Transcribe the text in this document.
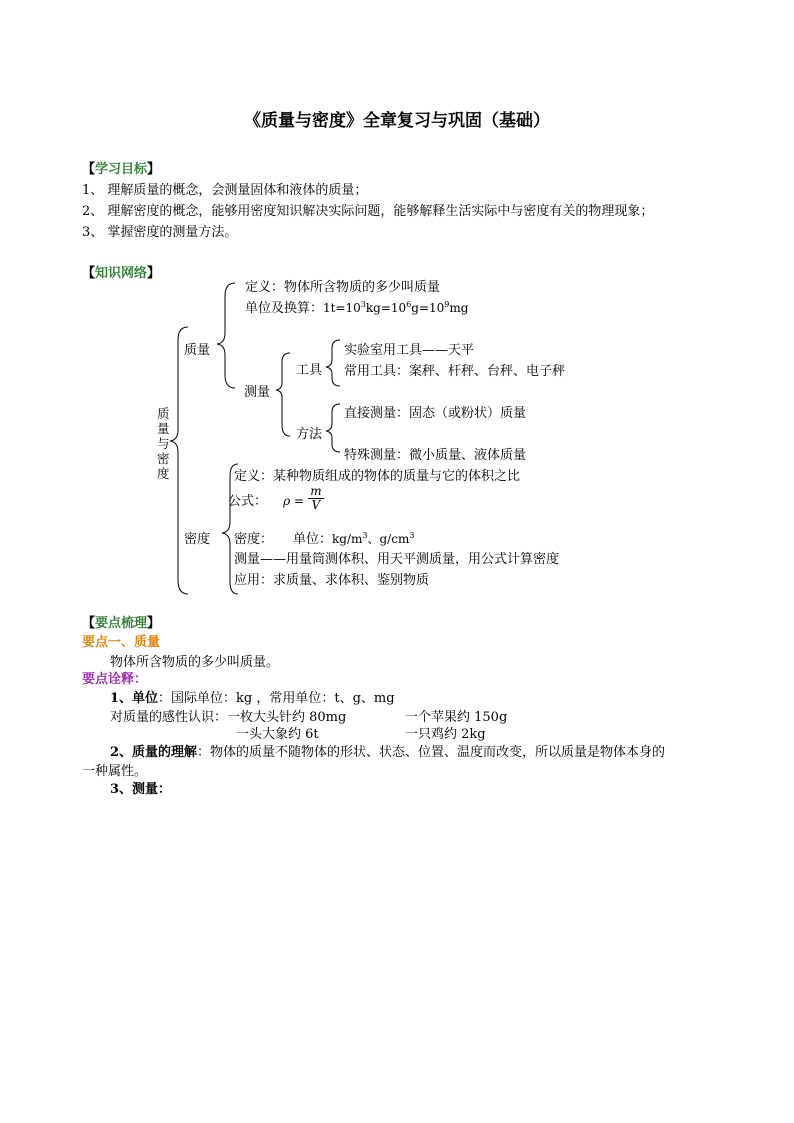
《质量与密度》全章复习与巩固（基础）
【学习目标】
1、 理解质量的概念，会测量固体和液体的质量；
2、 理解密度的概念，能够用密度知识解决实际问题，能够解释生活实际中与密度有关的物理现象；
3、 掌握密度的测量方法。
【知识网络】
质量与密度
质量
定义：物体所含物质的多少叫质量
单位及换算：$1t=10^3kg=10^6g=10^9mg$
测量
工具
实验室用工具——天平
常用工具：案秤、杆秤、台秤、电子秤
方法
直接测量：固态（或粉状）质量
特殊测量：微小质量、液体质量
密度
定义：某种物质组成的物体的质量与它的体积之比
公式： $\rho = \frac{m}{V}$
密度： 单位：$kg/m^3$、$g/cm^3$
测量——用量筒测体积、用天平测质量，用公式计算密度
应用：求质量、求体积、鉴别物质
【要点梳理】
要点一、质量
物体所含物质的多少叫质量。
要点诠释：
1、单位：国际单位：kg ，常用单位：t、g、mg
对质量的感性认识：一枚大头针约 80mg	一个苹果约 150g
一头大象约 6t	一只鸡约 2kg
2、质量的理解：物体的质量不随物体的形状、状态、位置、温度而改变，所以质量是物体本身的
一种属性。
3、测量：
